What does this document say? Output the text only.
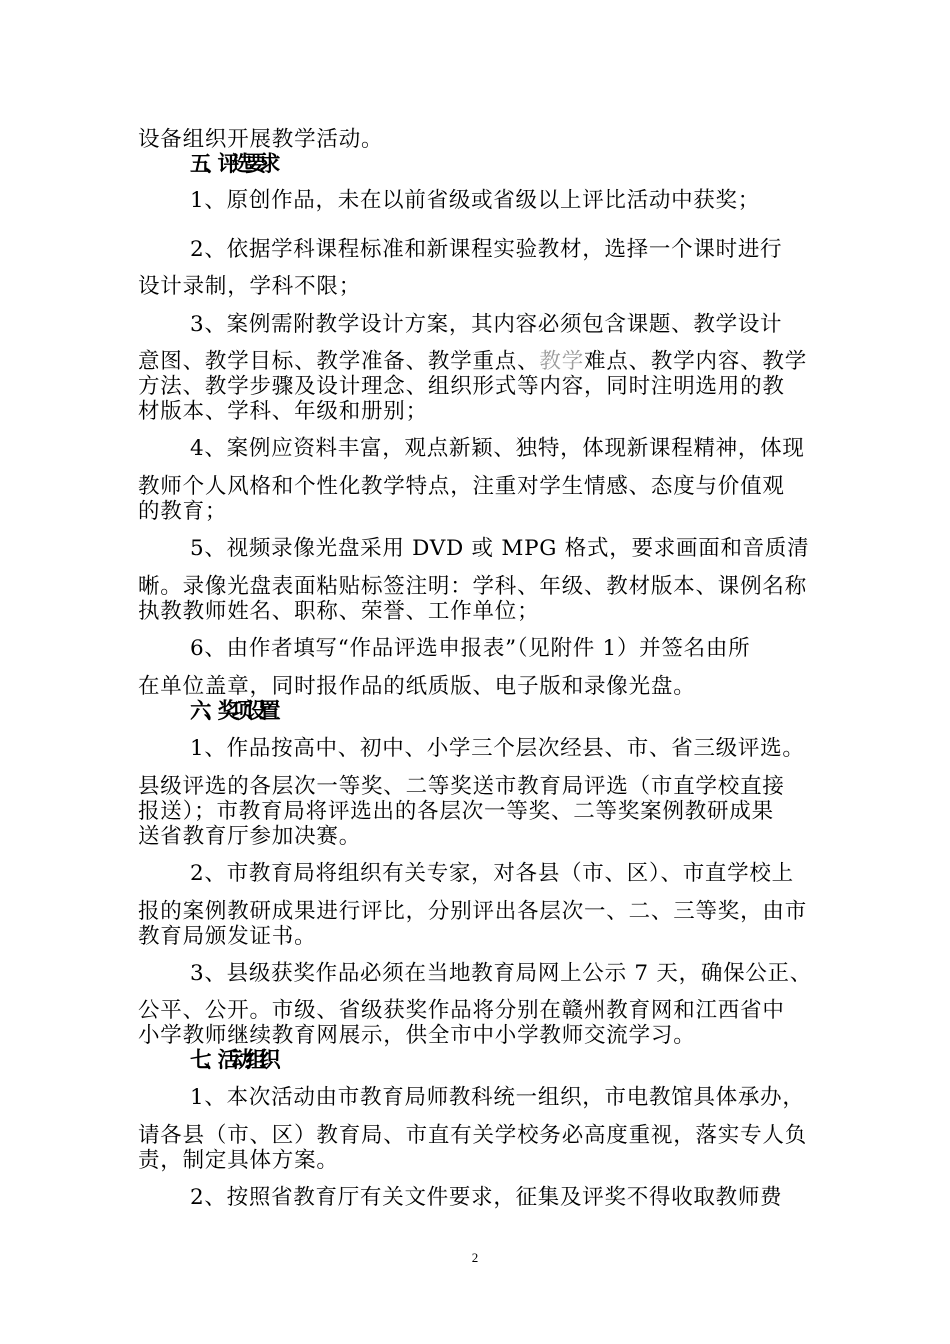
设备组织开展教学活动。
五、评选要求
1、原创作品，未在以前省级或省级以上评比活动中获奖；
2、依据学科课程标准和新课程实验教材，选择一个课时进行
设计录制，学科不限；
3、案例需附教学设计方案，其内容必须包含课题、教学设计
意图、教学目标、教学准备、教学重点、教学难点、教学内容、教学
方法、教学步骤及设计理念、组织形式等内容，同时注明选用的教
材版本、学科、年级和册别；
4、案例应资料丰富，观点新颖、独特，体现新课程精神，体现
教师个人风格和个性化教学特点，注重对学生情感、态度与价值观
的教育；
5、视频录像光盘采用 DVD 或 MPG 格式，要求画面和音质清
晰。录像光盘表面粘贴标签注明：学科、年级、教材版本、课例名称
执教教师姓名、职称、荣誉、工作单位；
6、由作者填写“作品评选申报表”（见附件 1）并签名由所
在单位盖章，同时报作品的纸质版、电子版和录像光盘。
六、奖项设置
1、作品按高中、初中、小学三个层次经县、市、省三级评选。
县级评选的各层次一等奖、二等奖送市教育局评选（市直学校直接
报送）；市教育局将评选出的各层次一等奖、二等奖案例教研成果
送省教育厅参加决赛。
2、市教育局将组织有关专家，对各县（市、区）、市直学校上
报的案例教研成果进行评比，分别评出各层次一、二、三等奖，由市
教育局颁发证书。
3、县级获奖作品必须在当地教育局网上公示 7 天，确保公正、
公平、公开。市级、省级获奖作品将分别在赣州教育网和江西省中
小学教师继续教育网展示，供全市中小学教师交流学习。
七、活动组织
1、本次活动由市教育局师教科统一组织，市电教馆具体承办，
请各县（市、区）教育局、市直有关学校务必高度重视，落实专人负
责，制定具体方案。
2、按照省教育厅有关文件要求，征集及评奖不得收取教师费
2
